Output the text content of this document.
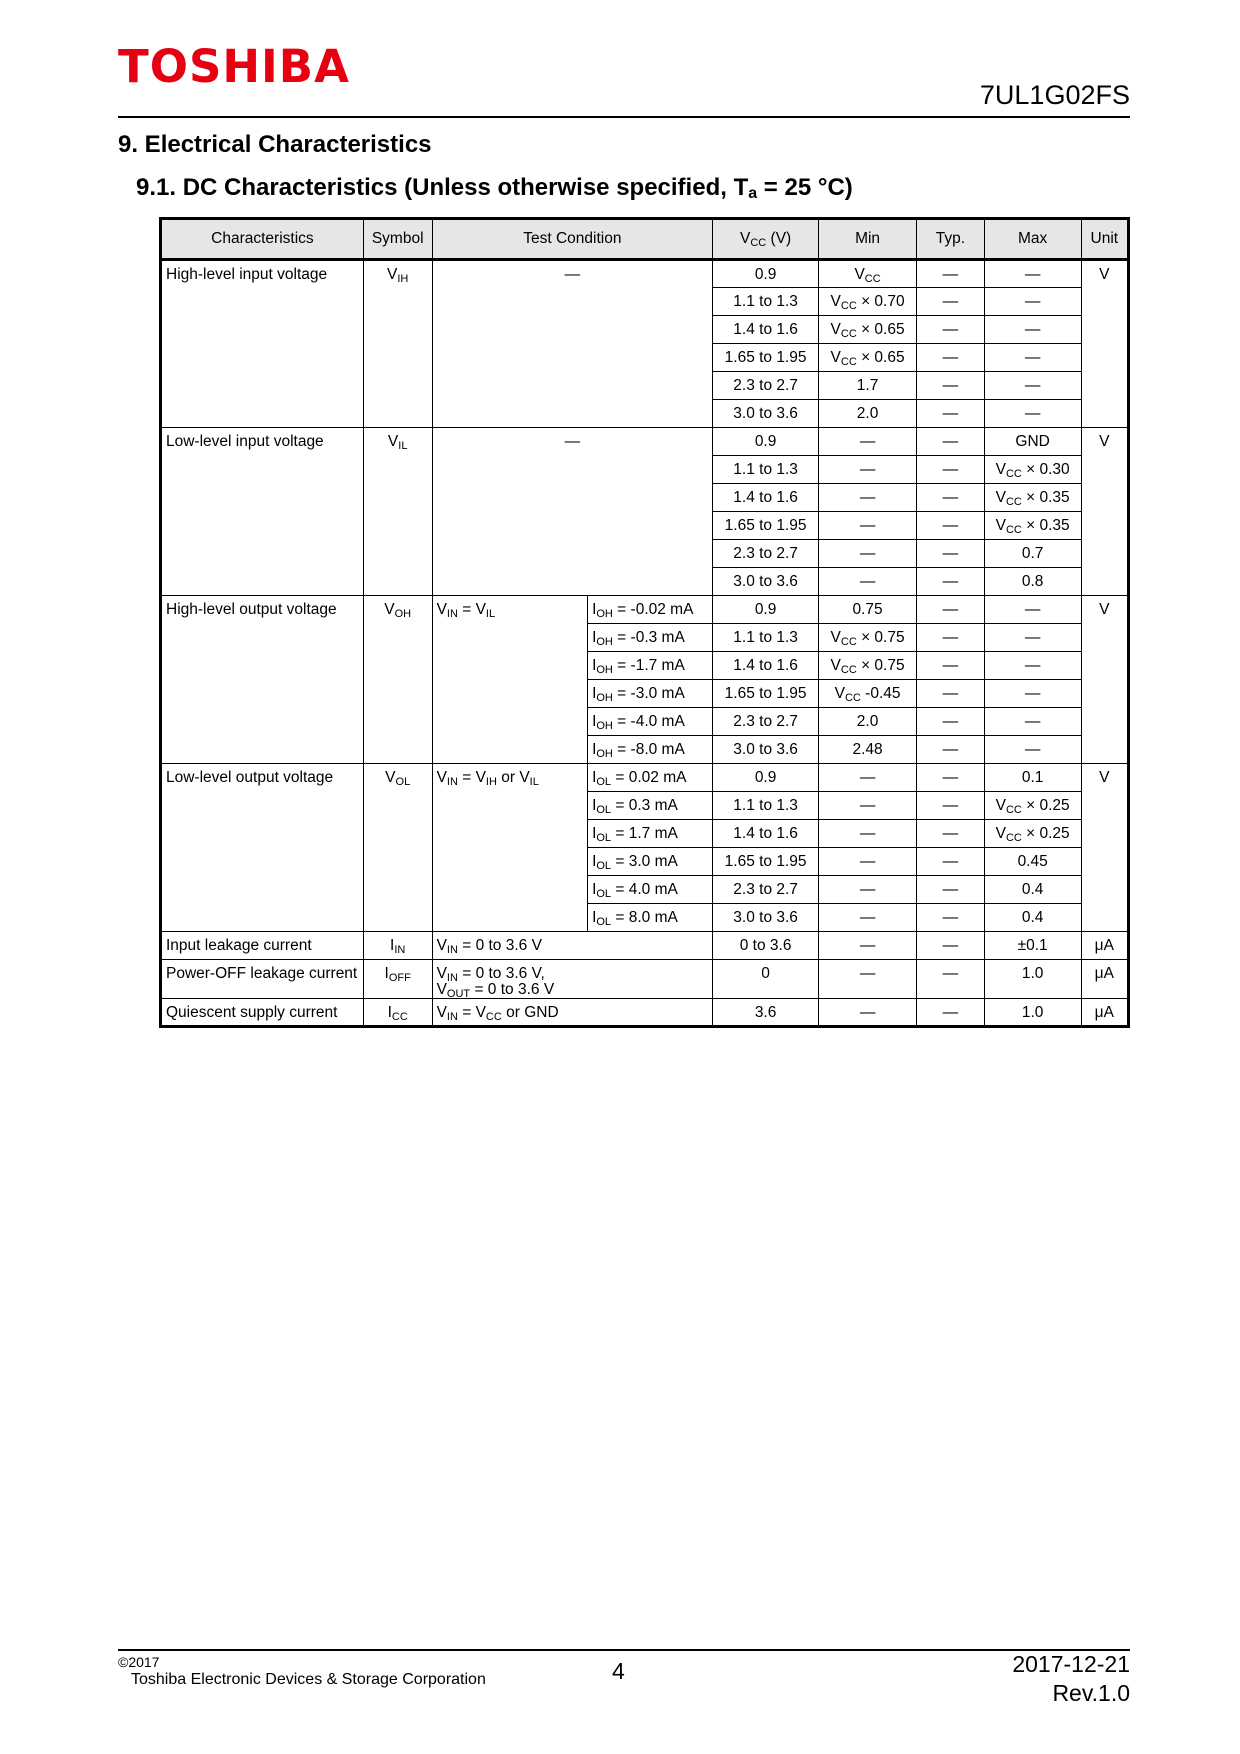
TOSHIBA
7UL1G02FS
9. Electrical Characteristics
9.1. DC Characteristics (Unless otherwise specified, $T_a = 25$ °C)
Characteristics	Symbol	Test Condition		$V_{CC}$ (V)	Min	Typ.	Max	Unit
High-level input voltage	$V_{IH}$	—		0.9	$V_{CC}$	—	—	V
				1.1 to 1.3	$V_{CC} \times 0.70$	—	—	
				1.4 to 1.6	$V_{CC} \times 0.65$	—	—	
				1.65 to 1.95	$V_{CC} \times 0.65$	—	—	
				2.3 to 2.7	1.7	—	—	
				3.0 to 3.6	2.0	—	—	
Low-level input voltage	$V_{IL}$	—		0.9	—	—	GND	V
				1.1 to 1.3	—	—	$V_{CC} \times 0.30$	
				1.4 to 1.6	—	—	$V_{CC} \times 0.35$	
				1.65 to 1.95	—	—	$V_{CC} \times 0.35$	
				2.3 to 2.7	—	—	0.7	
				3.0 to 3.6	—	—	0.8	
High-level output voltage	$V_{OH}$	$V_{IN} = V_{IL}$	$I_{OH} = -0.02$ mA	0.9	0.75	—	—	V
			$I_{OH} = -0.3$ mA	1.1 to 1.3	$V_{CC} \times 0.75$	—	—	
			$I_{OH} = -1.7$ mA	1.4 to 1.6	$V_{CC} \times 0.75$	—	—	
			$I_{OH} = -3.0$ mA	1.65 to 1.95	$V_{CC}$ -0.45	—	—	
			$I_{OH} = -4.0$ mA	2.3 to 2.7	2.0	—	—	
			$I_{OH} = -8.0$ mA	3.0 to 3.6	2.48	—	—	
Low-level output voltage	$V_{OL}$	$V_{IN} = V_{IH}$ or $V_{IL}$	$I_{OL} = 0.02$ mA	0.9	—	—	0.1	V
			$I_{OL} = 0.3$ mA	1.1 to 1.3	—	—	$V_{CC} \times 0.25$	
			$I_{OL} = 1.7$ mA	1.4 to 1.6	—	—	$V_{CC} \times 0.25$	
			$I_{OL} = 3.0$ mA	1.65 to 1.95	—	—	0.45	
			$I_{OL} = 4.0$ mA	2.3 to 2.7	—	—	0.4	
			$I_{OL} = 8.0$ mA	3.0 to 3.6	—	—	0.4	
Input leakage current	$I_{IN}$	$V_{IN} = 0$ to 3.6 V		0 to 3.6	—	—	±0.1	μA
Power-OFF leakage current	$I_{OFF}$	$V_{IN} = 0$ to 3.6 V,
$V_{OUT} = 0$ to 3.6 V		0	—	—	1.0	μA
Quiescent supply current	$I_{CC}$	$V_{IN} = V_{CC}$ or GND		3.6	—	—	1.0	μA
©2017
Toshiba Electronic Devices & Storage Corporation	4	2017-12-21
Rev.1.0
